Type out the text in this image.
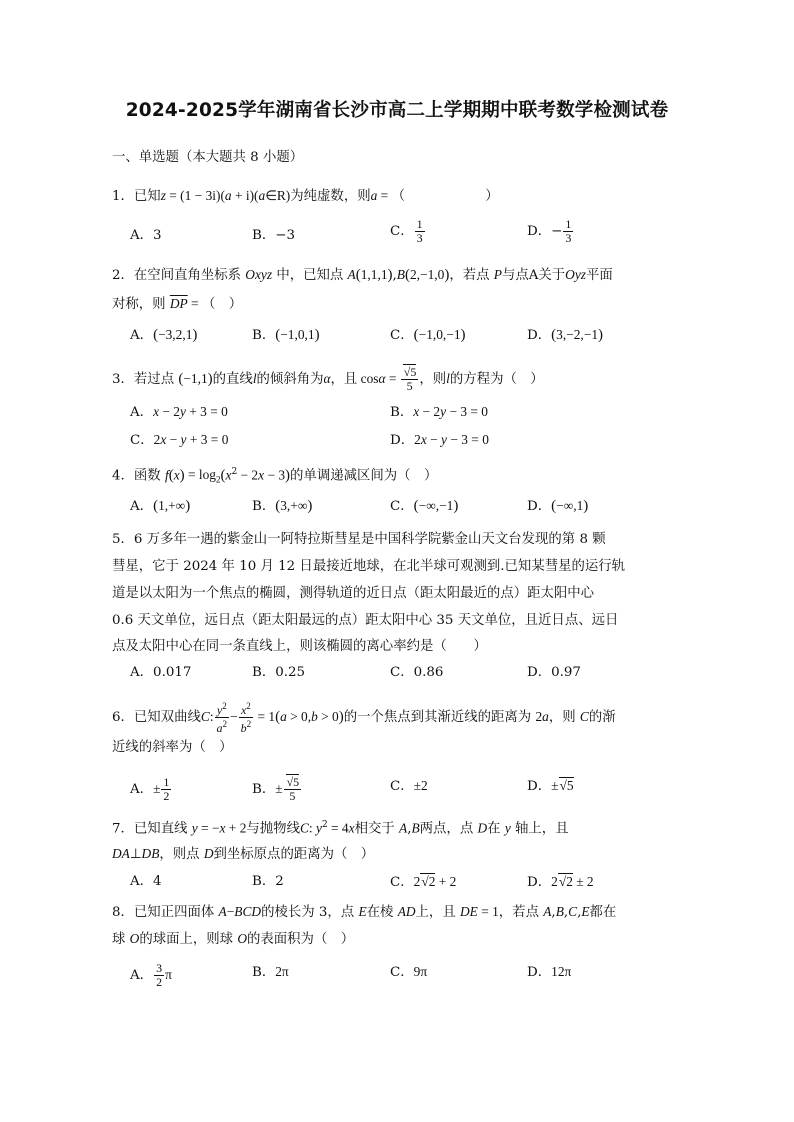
2024-2025学年湖南省长沙市高二上学期期中联考数学检测试卷
一、单选题（本大题共 8 小题）
1．已知z = (1 − 3i)(a + i)(a∈R)为纯虚数，则a = （　　　　　　）
A．3	B．−3	C． $\frac{1}{3}$	D．− $\frac{1}{3}$
2．在空间直角坐标系 Oxyz 中，已知点 A(1,1,1),B(2,−1,0)，若点 P与点A关于Oyz平面
对称，则 $\overline{DP}$ = （　）
A．(−3,2,1)	B．(−1,0,1)	C．(−1,0,−1)	D．(3,−2,−1)
3．若过点 (−1,1)的直线l的倾斜角为α，且 $\cos\alpha = \frac{√5}{5}$ ，则l的方程为（　）
A．x − 2y + 3 = 0	B．x − 2y − 3 = 0
C．2x − y + 3 = 0	D．2x − y − 3 = 0
4．函数 $f(x) = \log_2(x^2 - 2x - 3)$的单调递减区间为（　）
A．(1,+∞)	B．(3,+∞)	C．(−∞,−1)	D．(−∞,1)
5．6 万多年一遇的紫金山一阿特拉斯彗星是中国科学院紫金山天文台发现的第 8 颗
彗星，它于 2024 年 10 月 12 日最接近地球，在北半球可观测到.已知某彗星的运行轨
道是以太阳为一个焦点的椭圆，测得轨道的近日点（距太阳最近的点）距太阳中心
0.6 天文单位，远日点（距太阳最远的点）距太阳中心 35 天文单位，且近日点、远日
点及太阳中心在同一条直线上，则该椭圆的离心率约是（　　）
A．0.017	B．0.25	C．0.86	D．0.97
6．已知双曲线C: $\frac{y^2}{a^2} - \frac{x^2}{b^2} = 1(a > 0,b > 0)$的一个焦点到其渐近线的距离为 2a，则 C的渐
近线的斜率为（　）
A．± $\frac{1}{2}$	B．± $\frac{√5}{5}$	C．±2	D．±√5
7．已知直线 y = −x + 2与抛物线C: $y^2 = 4x$相交于 A,B两点，点 D在 y 轴上，且
DA⊥DB，则点 D到坐标原点的距离为（　）
A．4	B．2	C．2√2 + 2	D．2√2 ± 2
8．已知正四面体 A−BCD的棱长为 3，点 E在棱 AD上，且 DE = 1，若点 A,B,C,E都在
球 O的球面上，则球 O的表面积为（　）
A． $\frac{3}{2}$ π	B．2π	C．9π	D．12π
